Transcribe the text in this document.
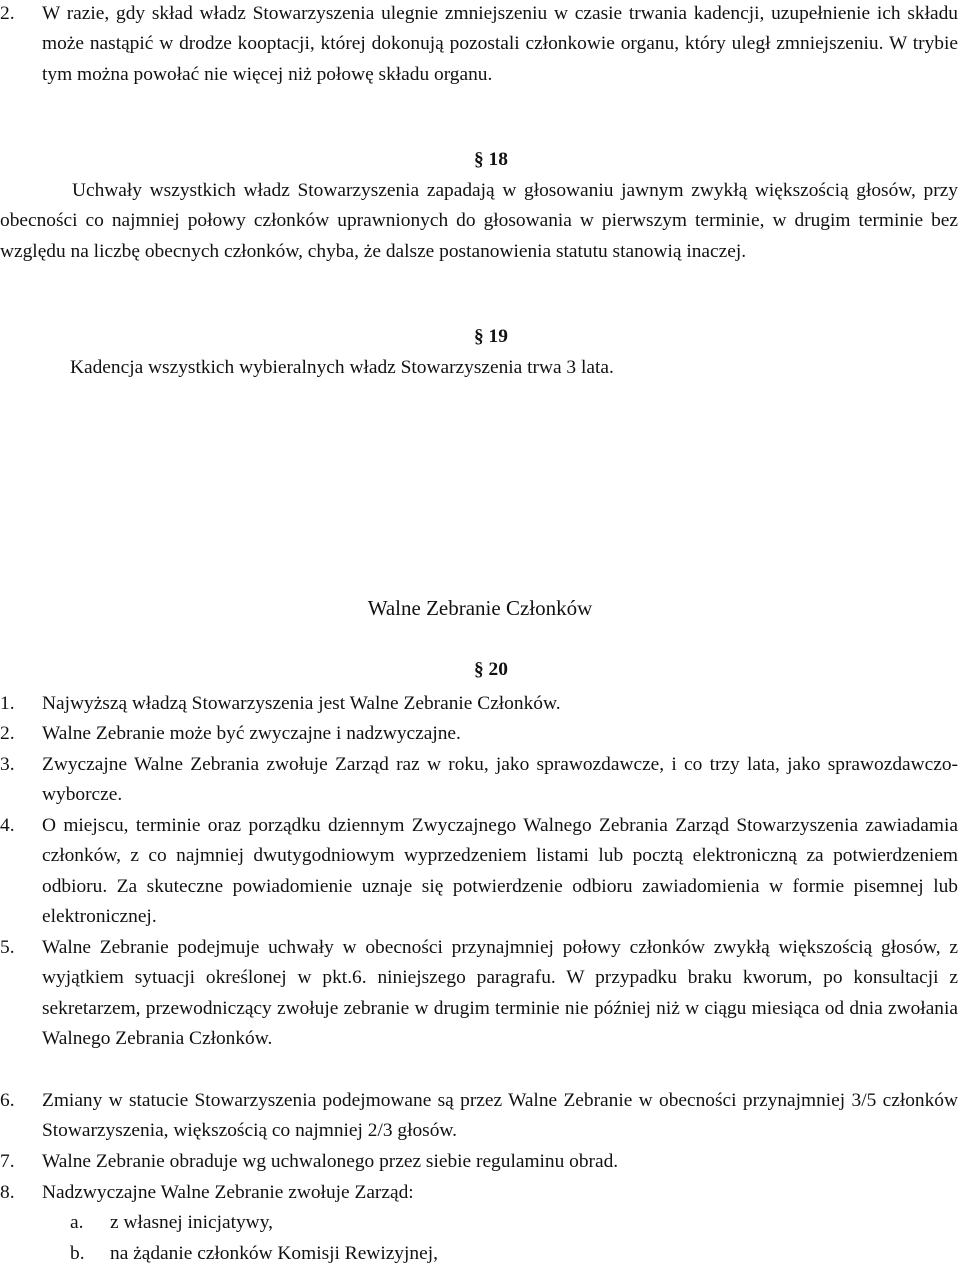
2.	W razie, gdy skład władz Stowarzyszenia ulegnie zmniejszeniu w czasie trwania kadencji, uzupełnienie ich składu może nastąpić w drodze kooptacji, której dokonują pozostali członkowie organu, który uległ zmniejszeniu. W trybie tym można powołać nie więcej niż połowę składu organu.
§ 18
Uchwały wszystkich władz Stowarzyszenia zapadają w głosowaniu jawnym zwykłą większością głosów, przy obecności co najmniej połowy członków uprawnionych do głosowania w pierwszym terminie, w drugim terminie bez względu na liczbę obecnych członków, chyba, że dalsze postanowienia statutu stanowią inaczej.
§ 19
Kadencja wszystkich wybieralnych władz Stowarzyszenia trwa 3 lata.
Walne Zebranie Członków
§ 20
1.	Najwyższą władzą Stowarzyszenia jest Walne Zebranie Członków.
2.	Walne Zebranie może być zwyczajne i nadzwyczajne.
3.	Zwyczajne Walne Zebrania zwołuje Zarząd raz w roku, jako sprawozdawcze, i co trzy lata, jako sprawozdawczo-wyborcze.
4.	O miejscu, terminie oraz porządku dziennym Zwyczajnego Walnego Zebrania Zarząd Stowarzyszenia zawiadamia członków, z co najmniej dwutygodniowym wyprzedzeniem listami lub pocztą elektroniczną za potwierdzeniem odbioru. Za skuteczne powiadomienie uznaje się potwierdzenie odbioru zawiadomienia w formie pisemnej lub elektronicznej.
5.	Walne Zebranie podejmuje uchwały w obecności przynajmniej połowy członków zwykłą większością głosów, z wyjątkiem sytuacji określonej w pkt.6. niniejszego paragrafu. W przypadku braku kworum, po konsultacji z sekretarzem, przewodniczący zwołuje zebranie w drugim terminie nie później niż w ciągu miesiąca od dnia zwołania Walnego Zebrania Członków.
6.	Zmiany w statucie Stowarzyszenia podejmowane są przez Walne Zebranie w obecności przynajmniej 3/5 członków Stowarzyszenia, większością co najmniej 2/3 głosów.
7.	Walne Zebranie obraduje wg uchwalonego przez siebie regulaminu obrad.
8.	Nadzwyczajne Walne Zebranie zwołuje Zarząd:
a.	z własnej inicjatywy,
b.	na żądanie członków Komisji Rewizyjnej,
